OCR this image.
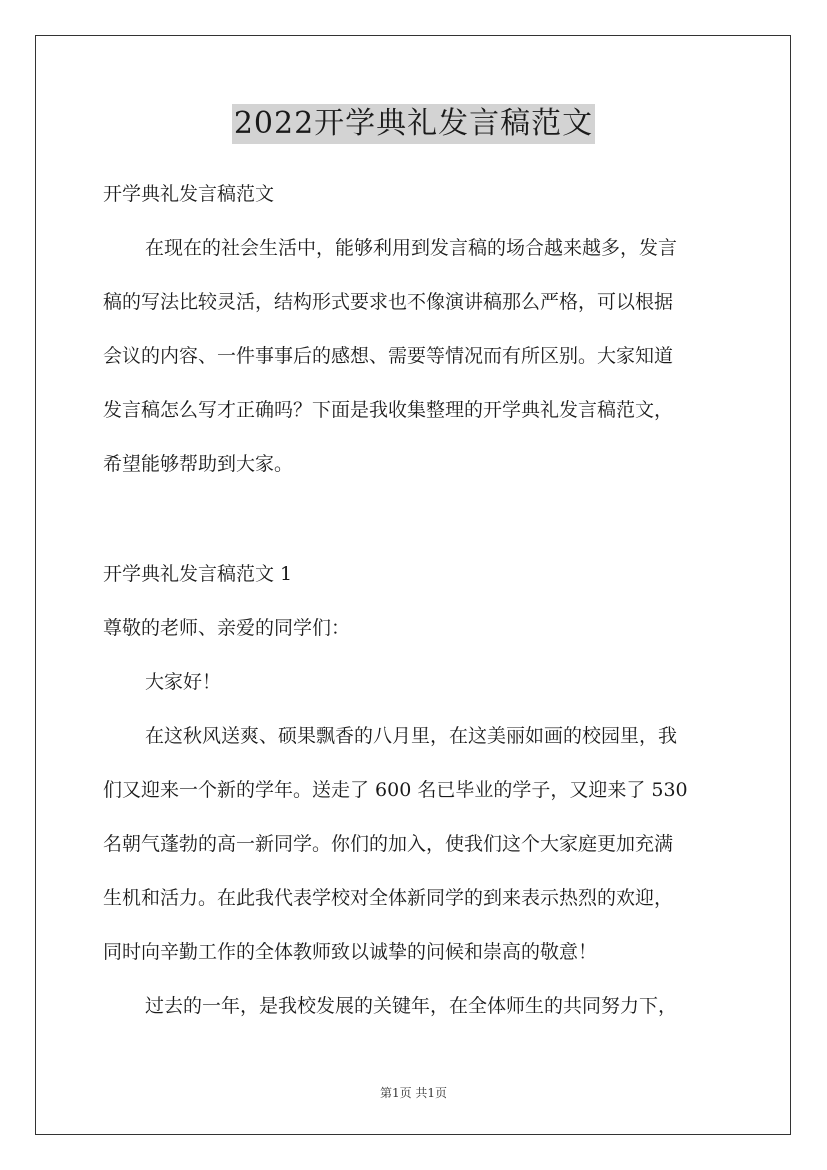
2022开学典礼发言稿范文
开学典礼发言稿范文
在现在的社会生活中，能够利用到发言稿的场合越来越多，发言
稿的写法比较灵活，结构形式要求也不像演讲稿那么严格，可以根据
会议的内容、一件事事后的感想、需要等情况而有所区别。大家知道
发言稿怎么写才正确吗？下面是我收集整理的开学典礼发言稿范文，
希望能够帮助到大家。
开学典礼发言稿范文 1
尊敬的老师、亲爱的同学们：
大家好！
在这秋风送爽、硕果飘香的八月里，在这美丽如画的校园里，我
们又迎来一个新的学年。送走了 600 名已毕业的学子，又迎来了 530
名朝气蓬勃的高一新同学。你们的加入，使我们这个大家庭更加充满
生机和活力。在此我代表学校对全体新同学的到来表示热烈的欢迎，
同时向辛勤工作的全体教师致以诚挚的问候和崇高的敬意！
过去的一年，是我校发展的关键年，在全体师生的共同努力下，
第1页 共1页
